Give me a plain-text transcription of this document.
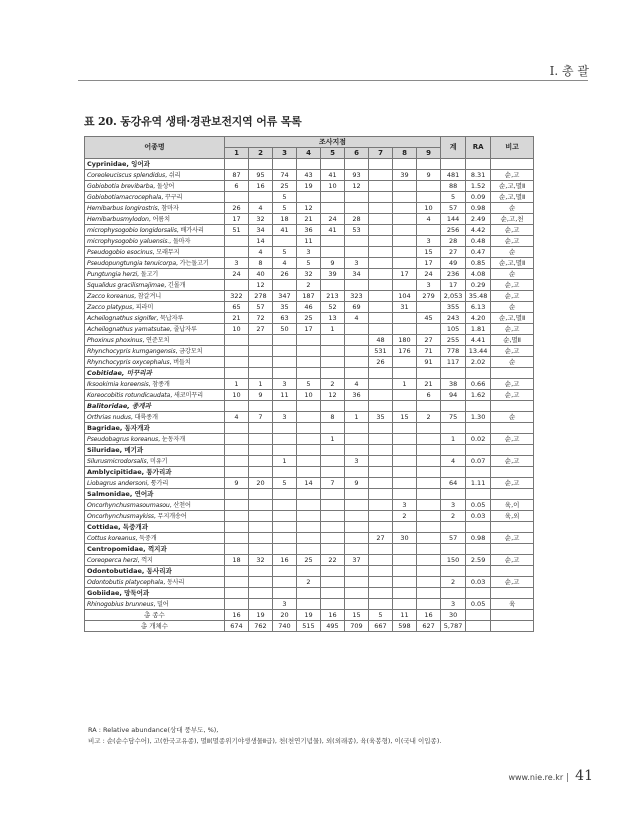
I. 총 괄
표 20. 동강유역 생태·경관보전지역 어류 목록
어종명	조사지점									계	RA	비고
	1	2	3	4	5	6	7	8	9			
Cyprinidae, 잉어과												
Coreoleuciscus splendidus, 쉬리	87	95	74	43	41	93		39	9	481	8.31	순,고
Gobiobotia brevibarba, 돌상어	6	16	25	19	10	12				88	1.52	순,고,멸Ⅱ
Gobiobotiamacrocephala, 꾸구리			5							5	0.09	순,고,멸Ⅱ
Hemibarbus longirostris, 참마자	26	4	5	12					10	57	0.98	순
Hemibarbusmylodon, 어름치	17	32	18	21	24	28			4	144	2.49	순,고,천
microphysogobio longidorsalis, 배가사리	51	34	41	36	41	53				256	4.42	순,고
microphysogobio yaluensis., 돌마자		14		11					3	28	0.48	순,고
Pseudogobio esocinus, 모래무지		4	5	3					15	27	0.47	순
Pseudopungtungia tenuicorpa, 가는돌고기	3	8	4	5	9	3			17	49	0.85	순,고,멸Ⅱ
Pungtungia herzi, 돌고기	24	40	26	32	39	34		17	24	236	4.08	순
Squalidus gracilismajimae, 긴몰개		12		2					3	17	0.29	순,고
Zacco koreanus, 참갈겨니	322	278	347	187	213	323		104	279	2,053	35.48	순,고
Zacco platypus, 피라미	65	57	35	46	52	69		31		355	6.13	순
Acheilognathus signifer, 묵납자루	21	72	63	25	13	4			45	243	4.20	순,고,멸Ⅱ
Acheilognathus yamatsutae, 줄납자루	10	27	50	17	1					105	1.81	순,고
Phoxinus phoxinus, 연준모치							48	180	27	255	4.41	순,멸Ⅱ
Rhynchocypris kumgangensis, 금강모치							531	176	71	778	13.44	순,고
Rhynchocypris oxycephalus, 버들치							26		91	117	2.02	순
Cobitidae, 미꾸리과												
Iksookimia koreensis, 참종개	1	1	3	5	2	4		1	21	38	0.66	순,고
Koreocobitis rotundicaudata, 새코미꾸리	10	9	11	10	12	36			6	94	1.62	순,고
Balitoridae, 종개과												
Orthrias nudus, 대륙종개	4	7	3		8	1	35	15	2	75	1.30	순
Bagridae, 동자개과												
Pseudobagrus koreanus, 눈동자개					1					1	0.02	순,고
Siluridae, 메기과												
Silurusmicrodorsalis, 미유기			1			3				4	0.07	순,고
Amblycipitidae, 퉁가리과												
Liobagrus andersoni, 퉁가리	9	20	5	14	7	9				64	1.11	순,고
Salmonidae, 연어과												
Oncorhynchusmasoumasou, 산천어								3		3	0.05	육,이
Oncorhynchusmaykiss, 무지개송어								2		2	0.03	육,외
Cottidae, 독중개과												
Cottus koreanus, 둑중개							27	30		57	0.98	순,고
Centropomidae, 꺽지과												
Coreoperca herzi, 꺽지	18	32	16	25	22	37				150	2.59	순,고
Odontobutidae, 동사리과												
Odontobutis platycephala, 동사리				2						2	0.03	순,고
Gobiidae, 망둑어과												
Rhinogobius brunneus, 밀어			3							3	0.05	육
총 종수	16	19	20	19	16	15	5	11	16	30		
총 개체수	674	762	740	515	495	709	667	598	627	5,787		
RA : Relative abundance(상대 풍부도, %),
비고 : 순(순수담수어), 고(한국고유종), 멸Ⅱ(멸종위기야생생물Ⅱ급), 천(천연기념물), 외(외래종), 육(육봉형), 이(국내 이입종).
www.nie.re.kr 41
